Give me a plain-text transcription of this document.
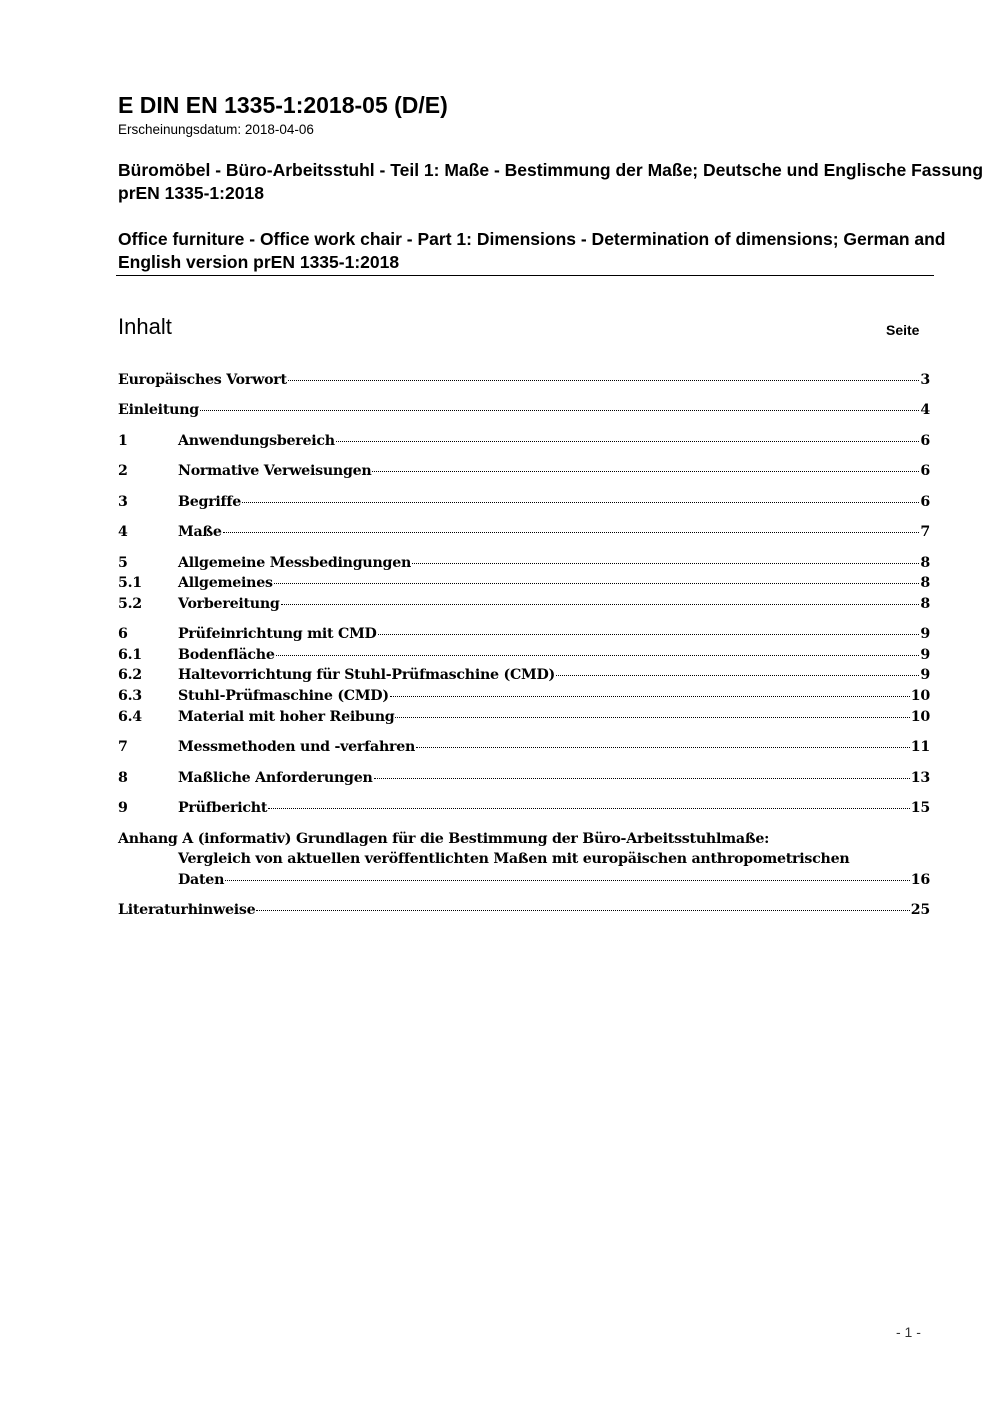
E DIN EN 1335-1:2018-05 (D/E)
Erscheinungsdatum: 2018-04-06
Büromöbel - Büro-Arbeitsstuhl - Teil 1: Maße - Bestimmung der Maße; Deutsche und Englische Fassung prEN 1335-1:2018
Office furniture - Office work chair - Part 1: Dimensions - Determination of dimensions; German and English version prEN 1335-1:2018
Inhalt	Seite
Europäisches Vorwort	3
Einleitung	4
1	Anwendungsbereich	6
2	Normative Verweisungen	6
3	Begriffe	6
4	Maße	7
5	Allgemeine Messbedingungen	8
5.1	Allgemeines	8
5.2	Vorbereitung	8
6	Prüfeinrichtung mit CMD	9
6.1	Bodenfläche	9
6.2	Haltevorrichtung für Stuhl-Prüfmaschine (CMD)	9
6.3	Stuhl-Prüfmaschine (CMD)	10
6.4	Material mit hoher Reibung	10
7	Messmethoden und -verfahren	11
8	Maßliche Anforderungen	13
9	Prüfbericht	15
Anhang A (informativ) Grundlagen für die Bestimmung der Büro-Arbeitsstuhlmaße:
Vergleich von aktuellen veröffentlichten Maßen mit europäischen anthropometrischen
Daten	16
Literaturhinweise	25
- 1 -
